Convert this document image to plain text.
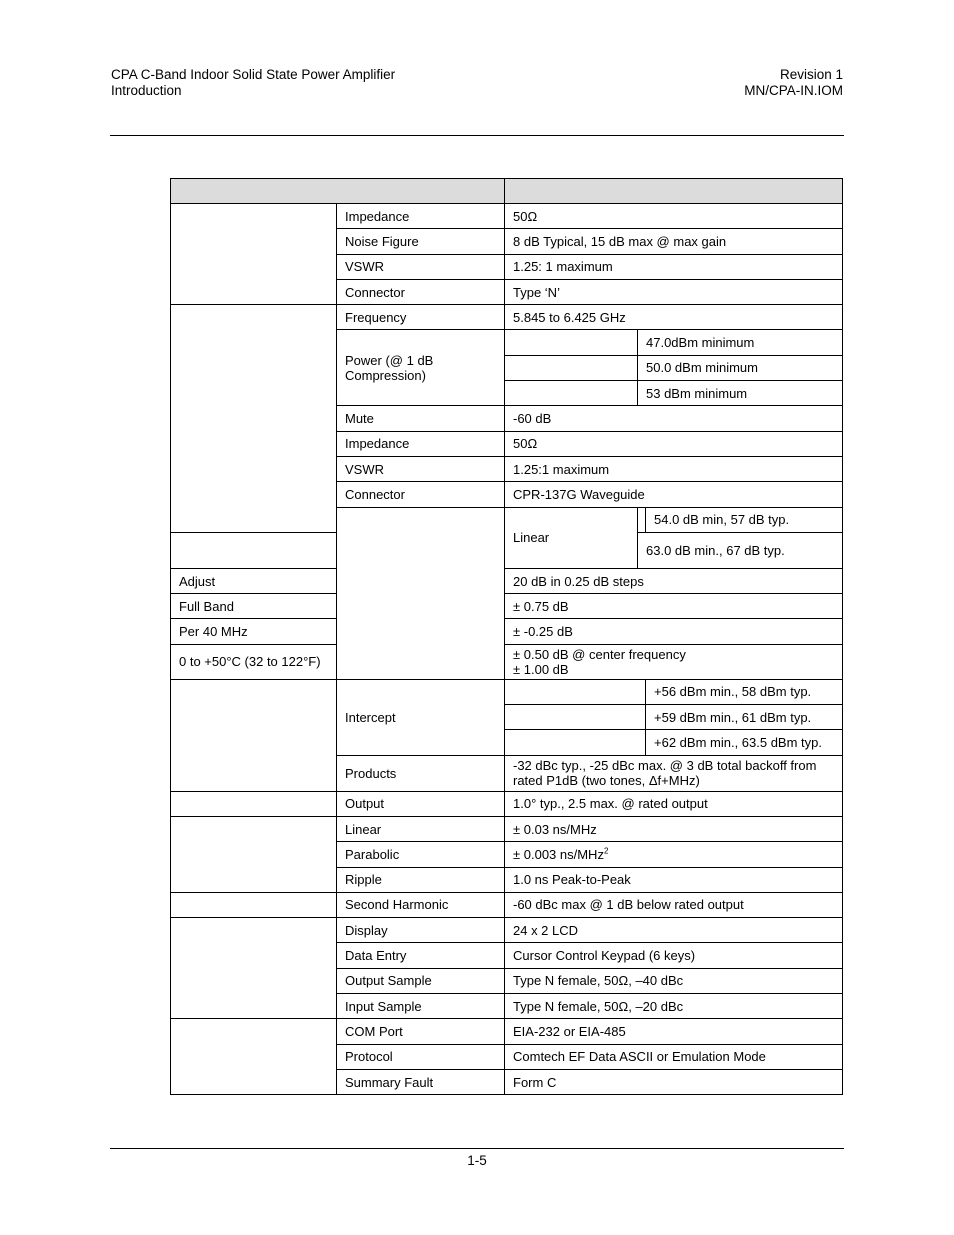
CPA C-Band Indoor Solid State Power Amplifier
Introduction
Revision 1
MN/CPA-IN.IOM

	Impedance	50Ω		
	Noise Figure	8 dB Typical, 15 dB max @ max gain		
	VSWR	1.25: 1 maximum		
	Connector	Type ‘N’		
	Frequency	5.845 to 6.425 GHz		
	Power (@ 1 dB Compression)		47.0dBm minimum	
			50.0 dBm minimum	
			53 dBm minimum	
	Mute	-60 dB		
	Impedance	50Ω		
	VSWR	1.25:1 maximum		
	Connector	CPR-137G Waveguide		
		Linear		54.0 dB min, 57 dB typ.
			63.0 dB min., 67 dB typ.	
Adjust		20 dB in 0.25 dB steps		
Full Band		± 0.75 dB		
Per 40 MHz		± -0.25 dB		
0 to +50°C (32 to 122°F)		± 0.50 dB @ center frequency
± 1.00 dB		

	Intercept			+56 dBm min., 58 dBm typ.
				+59 dBm min., 61 dBm typ.
				+62 dBm min., 63.5 dBm typ.
	Products	-32 dBc typ., -25 dBc max. @ 3 dB total backoff from
rated P1dB (two tones, Δf+MHz)		

	Output	1.0° typ., 2.5 max. @ rated output		
	Linear	± 0.03 ns/MHz		
	Parabolic	± 0.003 ns/MHz$^2$
	Ripple	1.0 ns Peak-to-Peak		
	Second Harmonic	-60 dBc max @ 1 dB below rated output		
	Display	24 x 2 LCD		
	Data Entry	Cursor Control Keypad (6 keys)		
	Output Sample	Type N female, 50Ω, –40 dBc		
	Input Sample	Type N female, 50Ω, –20 dBc		
	COM Port	EIA-232 or EIA-485		
	Protocol	Comtech EF Data ASCII or Emulation Mode		
	Summary Fault	Form C		
1-5
